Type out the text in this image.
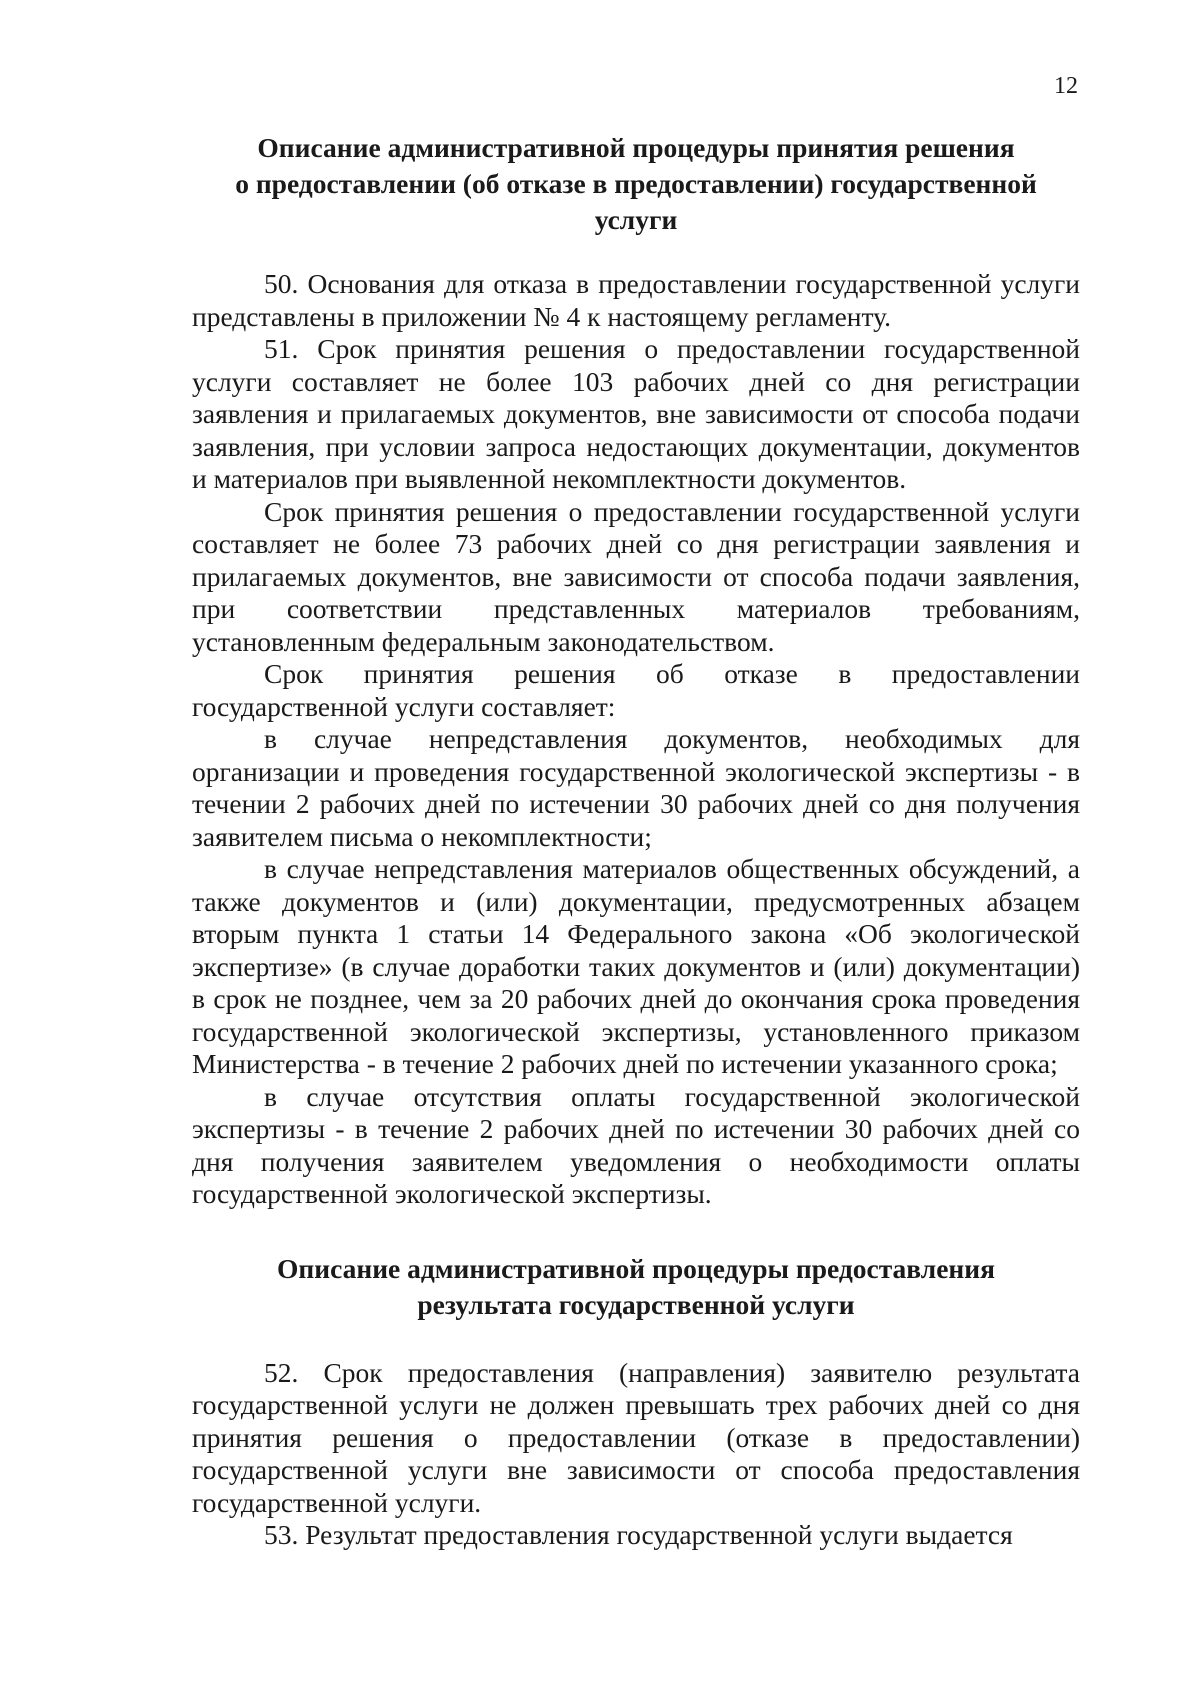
12
Описание административной процедуры принятия решения
о предоставлении (об отказе в предоставлении) государственной
услуги

50. Основания для отказа в предоставлении государственной услуги представлены в приложении № 4 к настоящему регламенту.

51. Срок принятия решения о предоставлении государственной услуги составляет не более 103 рабочих дней со дня регистрации заявления и прилагаемых документов, вне зависимости от способа подачи заявления, при условии запроса недостающих документации, документов и материалов при выявленной некомплектности документов.

Срок принятия решения о предоставлении государственной услуги составляет не более 73 рабочих дней со дня регистрации заявления и прилагаемых документов, вне зависимости от способа подачи заявления, при соответствии представленных материалов требованиям, установленным федеральным законодательством.

Срок принятия решения об отказе в предоставлении государственной услуги составляет:

в случае непредставления документов, необходимых для организации и проведения государственной экологической экспертизы - в течении 2 рабочих дней по истечении 30 рабочих дней со дня получения заявителем письма о некомплектности;

в случае непредставления материалов общественных обсуждений, а также документов и (или) документации, предусмотренных абзацем вторым пункта 1 статьи 14 Федерального закона «Об экологической экспертизе» (в случае доработки таких документов и (или) документации) в срок не позднее, чем за 20 рабочих дней до окончания срока проведения государственной экологической экспертизы, установленного приказом Министерства - в течение 2 рабочих дней по истечении указанного срока;

в случае отсутствия оплаты государственной экологической экспертизы - в течение 2 рабочих дней по истечении 30 рабочих дней со дня получения заявителем уведомления о необходимости оплаты государственной экологической экспертизы.

Описание административной процедуры предоставления
результата государственной услуги

52. Срок предоставления (направления) заявителю результата государственной услуги не должен превышать трех рабочих дней со дня принятия решения о предоставлении (отказе в предоставлении) государственной услуги вне зависимости от способа предоставления государственной услуги.

53. Результат предоставления государственной услуги выдается
